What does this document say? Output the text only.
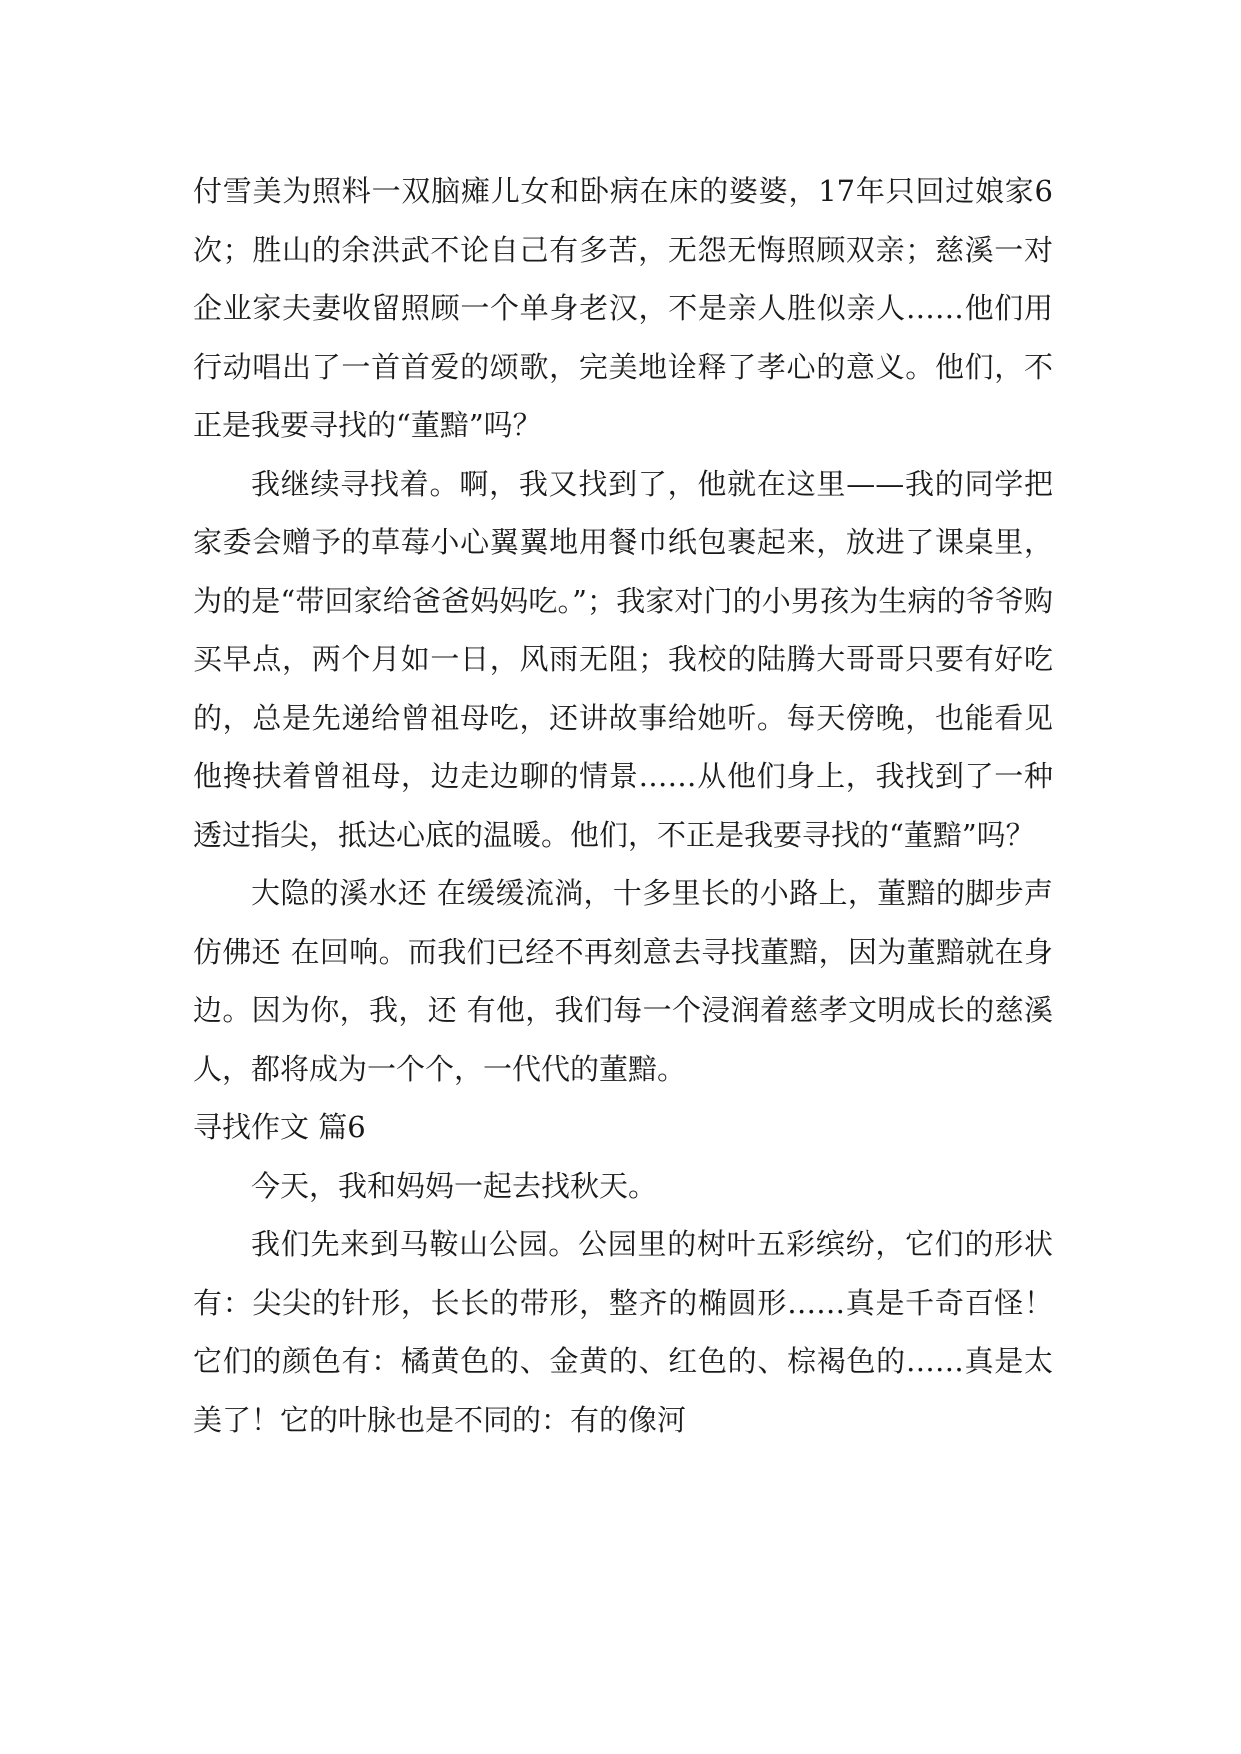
付雪美为照料一双脑瘫儿女和卧病在床的婆婆，17年只回过娘家6次；胜山的余洪武不论自己有多苦，无怨无悔照顾双亲；慈溪一对企业家夫妻收留照顾一个单身老汉，不是亲人胜似亲人……他们用行动唱出了一首首爱的颂歌，完美地诠释了孝心的意义。他们，不正是我要寻找的“董黯”吗？

我继续寻找着。啊，我又找到了，他就在这里——我的同学把家委会赠予的草莓小心翼翼地用餐巾纸包裹起来，放进了课桌里，为的是“带回家给爸爸妈妈吃。”；我家对门的小男孩为生病的爷爷购买早点，两个月如一日，风雨无阻；我校的陆腾大哥哥只要有好吃的，总是先递给曾祖母吃，还讲故事给她听。每天傍晚，也能看见他搀扶着曾祖母，边走边聊的情景……从他们身上，我找到了一种透过指尖，抵达心底的温暖。他们，不正是我要寻找的“董黯”吗？

大隐的溪水还 在缓缓流淌，十多里长的小路上，董黯的脚步声仿佛还 在回响。而我们已经不再刻意去寻找董黯，因为董黯就在身边。因为你，我，还 有他，我们每一个浸润着慈孝文明成长的慈溪人，都将成为一个个，一代代的董黯。

寻找作文 篇6

今天，我和妈妈一起去找秋天。

我们先来到马鞍山公园。公园里的树叶五彩缤纷，它们的形状有：尖尖的针形，长长的带形，整齐的椭圆形……真是千奇百怪！它们的颜色有：橘黄色的、金黄的、红色的、棕褐色的……真是太美了！它的叶脉也是不同的：有的像河
